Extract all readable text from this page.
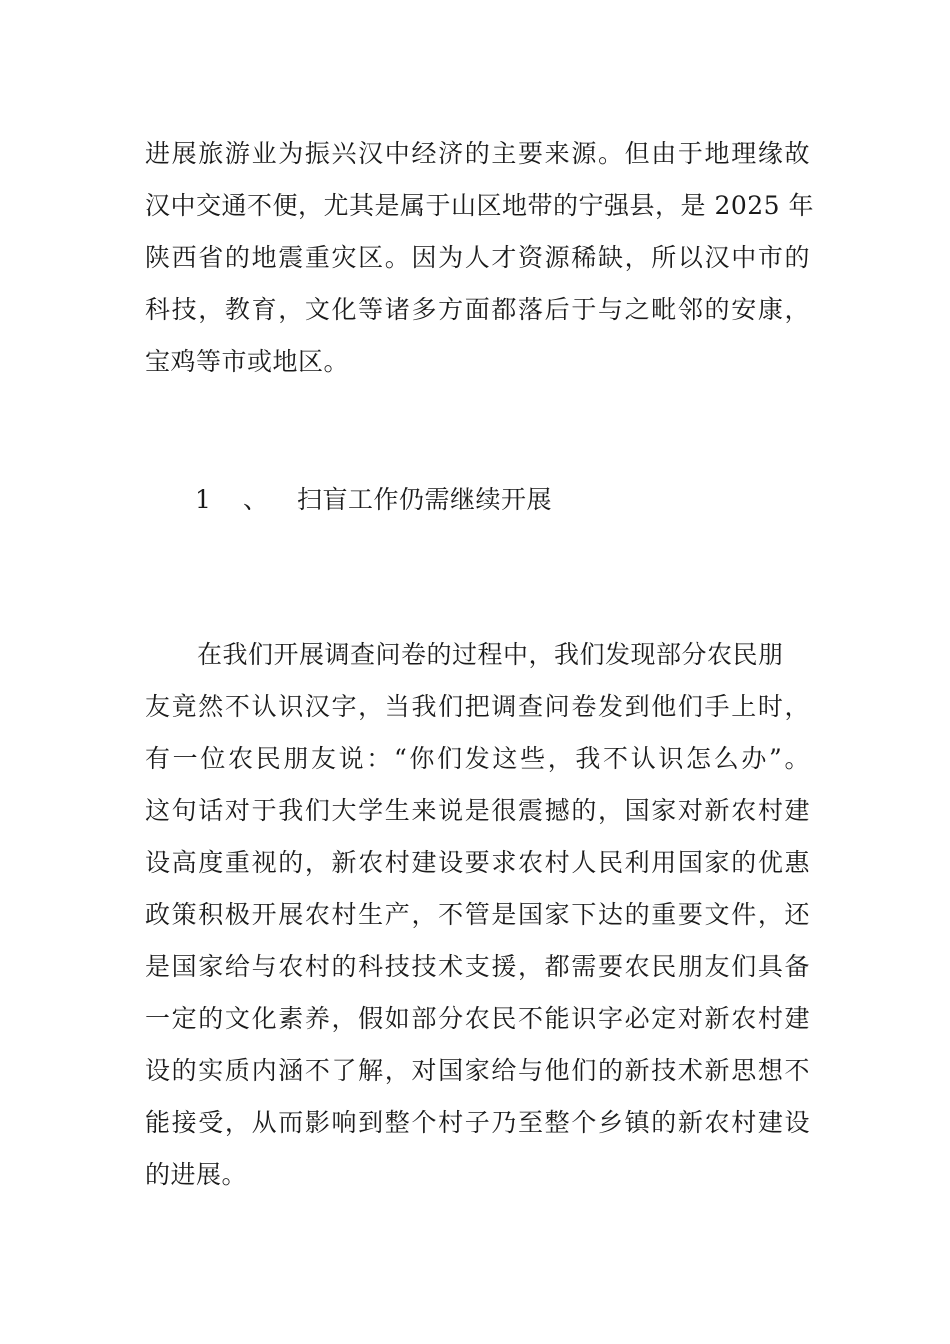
进展旅游业为振兴汉中经济的主要来源。但由于地理缘故
汉中交通不便，尤其是属于山区地带的宁强县，是 2025 年
陕西省的地震重灾区。因为人才资源稀缺，所以汉中市的
科技，教育，文化等诸多方面都落后于与之毗邻的安康，
宝鸡等市或地区。
1 、 扫盲工作仍需继续开展
在我们开展调查问卷的过程中，我们发现部分农民朋
友竟然不认识汉字，当我们把调查问卷发到他们手上时，
有一位农民朋友说：“你们发这些，我不认识怎么办”。
这句话对于我们大学生来说是很震撼的，国家对新农村建
设高度重视的，新农村建设要求农村人民利用国家的优惠
政策积极开展农村生产，不管是国家下达的重要文件，还
是国家给与农村的科技技术支援，都需要农民朋友们具备
一定的文化素养，假如部分农民不能识字必定对新农村建
设的实质内涵不了解，对国家给与他们的新技术新思想不
能接受，从而影响到整个村子乃至整个乡镇的新农村建设
的进展。
